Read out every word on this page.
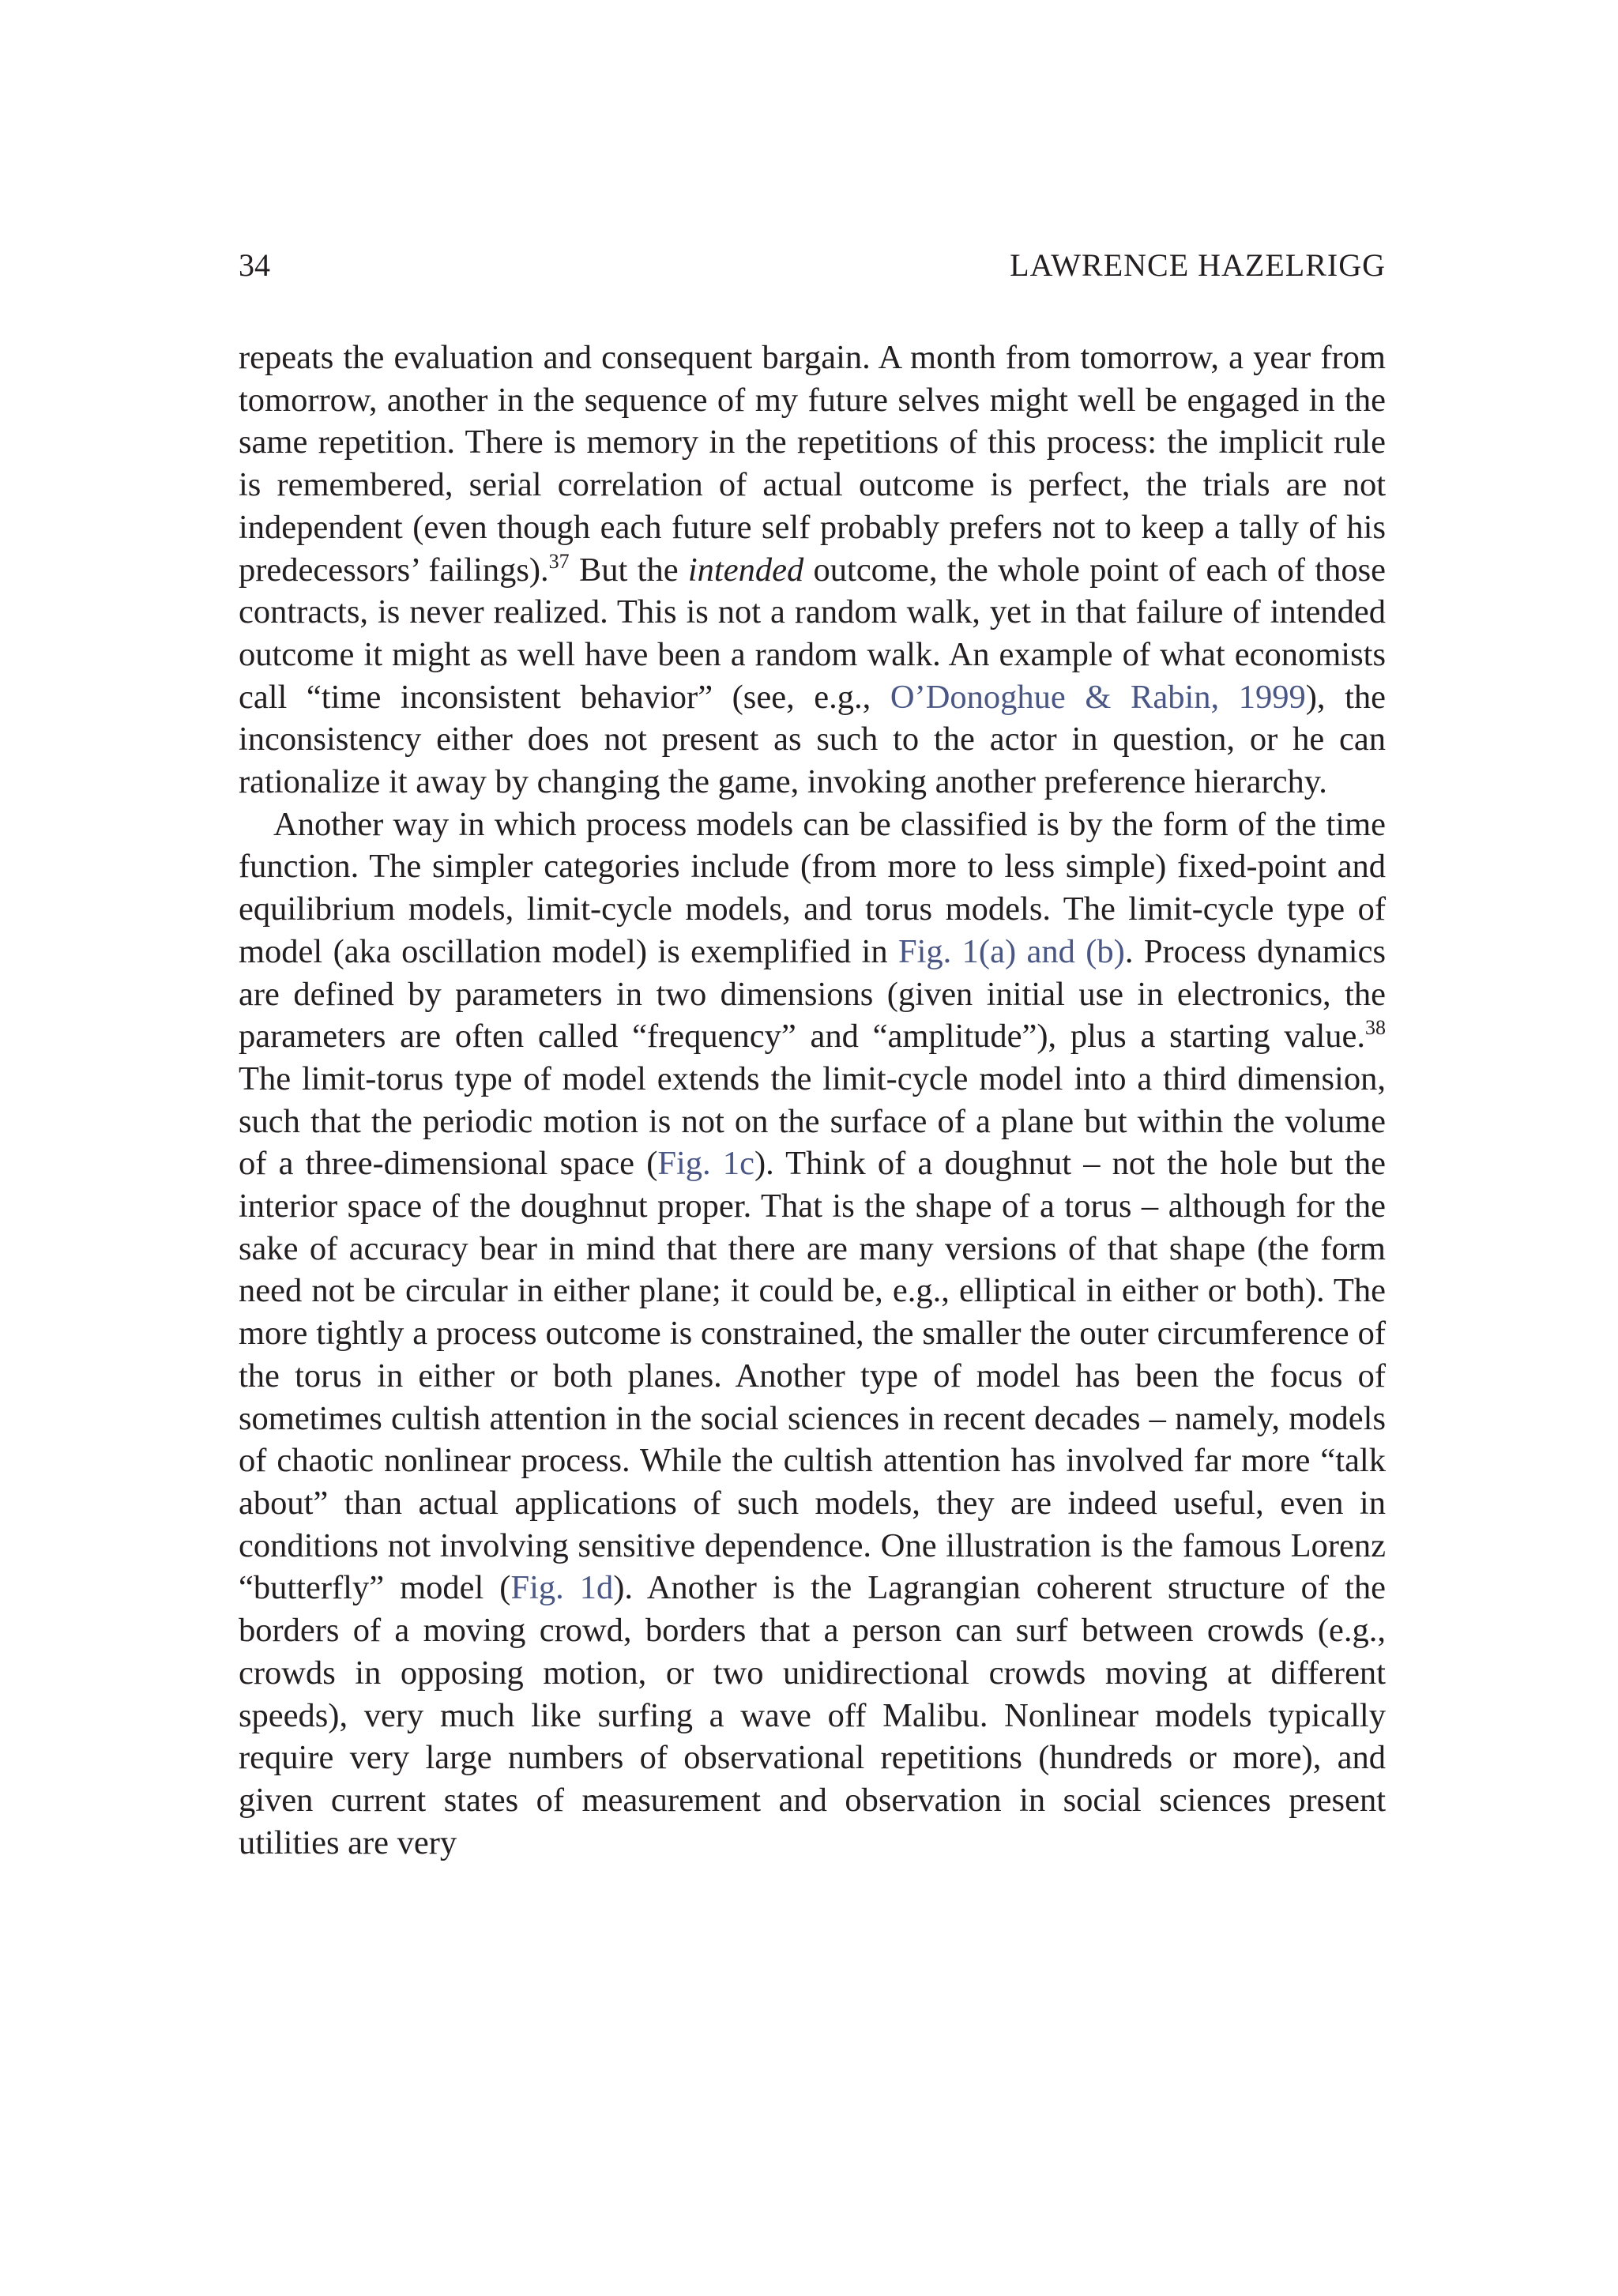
34	LAWRENCE HAZELRIGG

repeats the evaluation and consequent bargain. A month from tomorrow, a year from tomorrow, another in the sequence of my future selves might well be engaged in the same repetition. There is memory in the repetitions of this process: the implicit rule is remembered, serial correlation of actual outcome is perfect, the trials are not independent (even though each future self probably prefers not to keep a tally of his predecessors’ failings).$^{37}$ But the intended outcome, the whole point of each of those contracts, is never realized. This is not a random walk, yet in that failure of intended outcome it might as well have been a random walk. An example of what economists call “time inconsistent behavior” (see, e.g., O’Donoghue & Rabin, 1999), the inconsistency either does not present as such to the actor in question, or he can rationalize it away by changing the game, invoking another preference hierarchy.

Another way in which process models can be classified is by the form of the time function. The simpler categories include (from more to less simple) fixed-point and equilibrium models, limit-cycle models, and torus models. The limit-cycle type of model (aka oscillation model) is exemplified in Fig. 1(a) and (b). Process dynamics are defined by parameters in two dimensions (given initial use in electronics, the parameters are often called “frequency” and “amplitude”), plus a starting value.$^{38}$ The limit-torus type of model extends the limit-cycle model into a third dimension, such that the periodic motion is not on the surface of a plane but within the volume of a three-dimensional space (Fig. 1c). Think of a doughnut – not the hole but the interior space of the doughnut proper. That is the shape of a torus – although for the sake of accuracy bear in mind that there are many versions of that shape (the form need not be circular in either plane; it could be, e.g., elliptical in either or both). The more tightly a process outcome is constrained, the smaller the outer circumference of the torus in either or both planes. Another type of model has been the focus of sometimes cultish attention in the social sciences in recent decades – namely, models of chaotic nonlinear process. While the cultish attention has involved far more “talk about” than actual applications of such models, they are indeed useful, even in conditions not involving sensitive dependence. One illustration is the famous Lorenz “butterfly” model (Fig. 1d). Another is the Lagrangian coherent structure of the borders of a moving crowd, borders that a person can surf between crowds (e.g., crowds in opposing motion, or two unidirectional crowds moving at different speeds), very much like surfing a wave off Malibu. Nonlinear models typically require very large numbers of observational repetitions (hundreds or more), and given current states of measurement and observation in social sciences present utilities are very
